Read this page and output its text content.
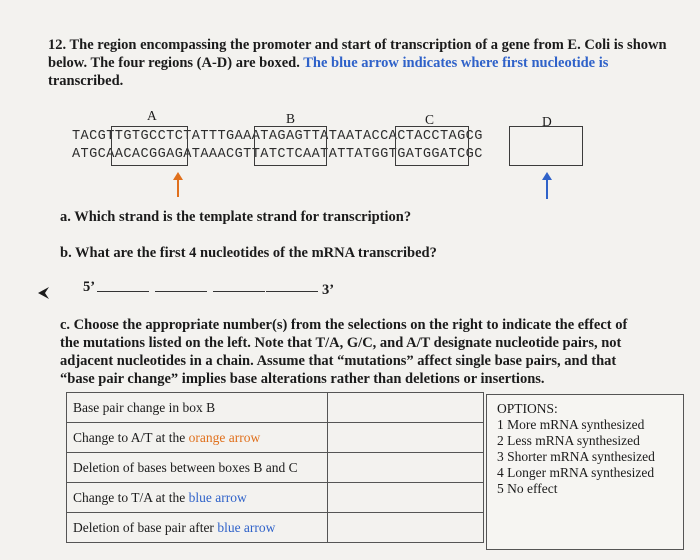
12. The region encompassing the promoter and start of transcription of a gene from E. Coli is shown below. The four regions (A-D) are boxed. The blue arrow indicates where first nucleotide is transcribed.
A	B	C	D
TACGTTGTGCCTCTATTTGAAATAGAGTTATAATACCACTACCTAGCG
ATGCAACACGGAGATAAACGTTATCTCAATATTATGGTGATGGATCGC
a. Which strand is the template strand for transcription?
b. What are the first 4 nucleotides of the mRNA transcribed?
5’	3’
c. Choose the appropriate number(s) from the selections on the right to indicate the effect of the mutations listed on the left. Note that T/A, G/C, and A/T designate nucleotide pairs, not adjacent nucleotides in a chain. Assume that “mutations” affect single base pairs, and that “base pair change” implies base alterations rather than deletions or insertions.
Base pair change in box B	
Change to A/T at the orange arrow	
Deletion of bases between boxes B and C	
Change to T/A at the blue arrow	
Deletion of base pair after blue arrow	
OPTIONS:
1 More mRNA synthesized
2 Less mRNA synthesized
3 Shorter mRNA synthesized
4 Longer mRNA synthesized
5 No effect
